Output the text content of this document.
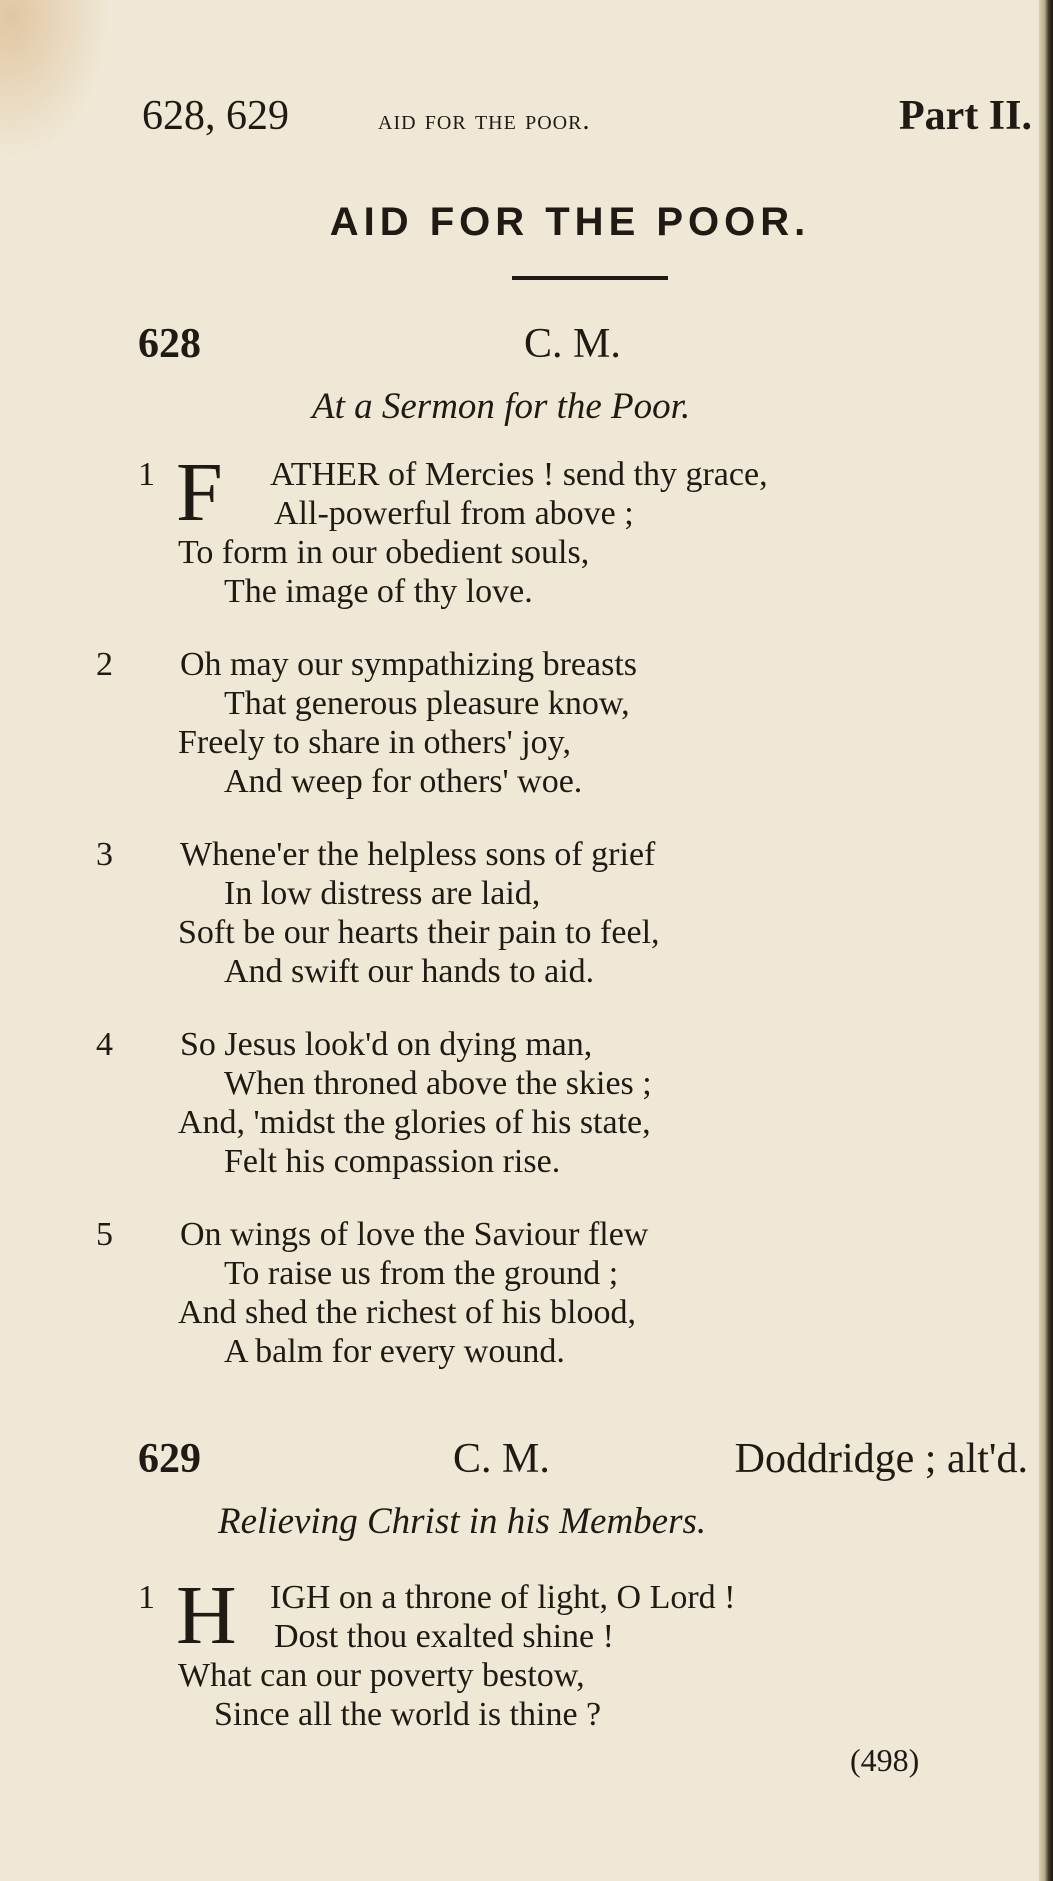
628, 629	aid for the poor.	Part II.
AID FOR THE POOR.
628	C. M.
At a Sermon for the Poor.
1 F ATHER of Mercies ! send thy grace,
All-powerful from above ;
To form in our obedient souls,
The image of thy love.
2 Oh may our sympathizing breasts
That generous pleasure know,
Freely to share in others' joy,
And weep for others' woe.
3 Whene'er the helpless sons of grief
In low distress are laid,
Soft be our hearts their pain to feel,
And swift our hands to aid.
4 So Jesus look'd on dying man,
When throned above the skies ;
And, 'midst the glories of his state,
Felt his compassion rise.
5 On wings of love the Saviour flew
To raise us from the ground ;
And shed the richest of his blood,
A balm for every wound.
629	C. M.	Doddridge ; alt'd.
Relieving Christ in his Members.
1 H IGH on a throne of light, O Lord !
Dost thou exalted shine !
What can our poverty bestow,
Since all the world is thine ?
(498)
